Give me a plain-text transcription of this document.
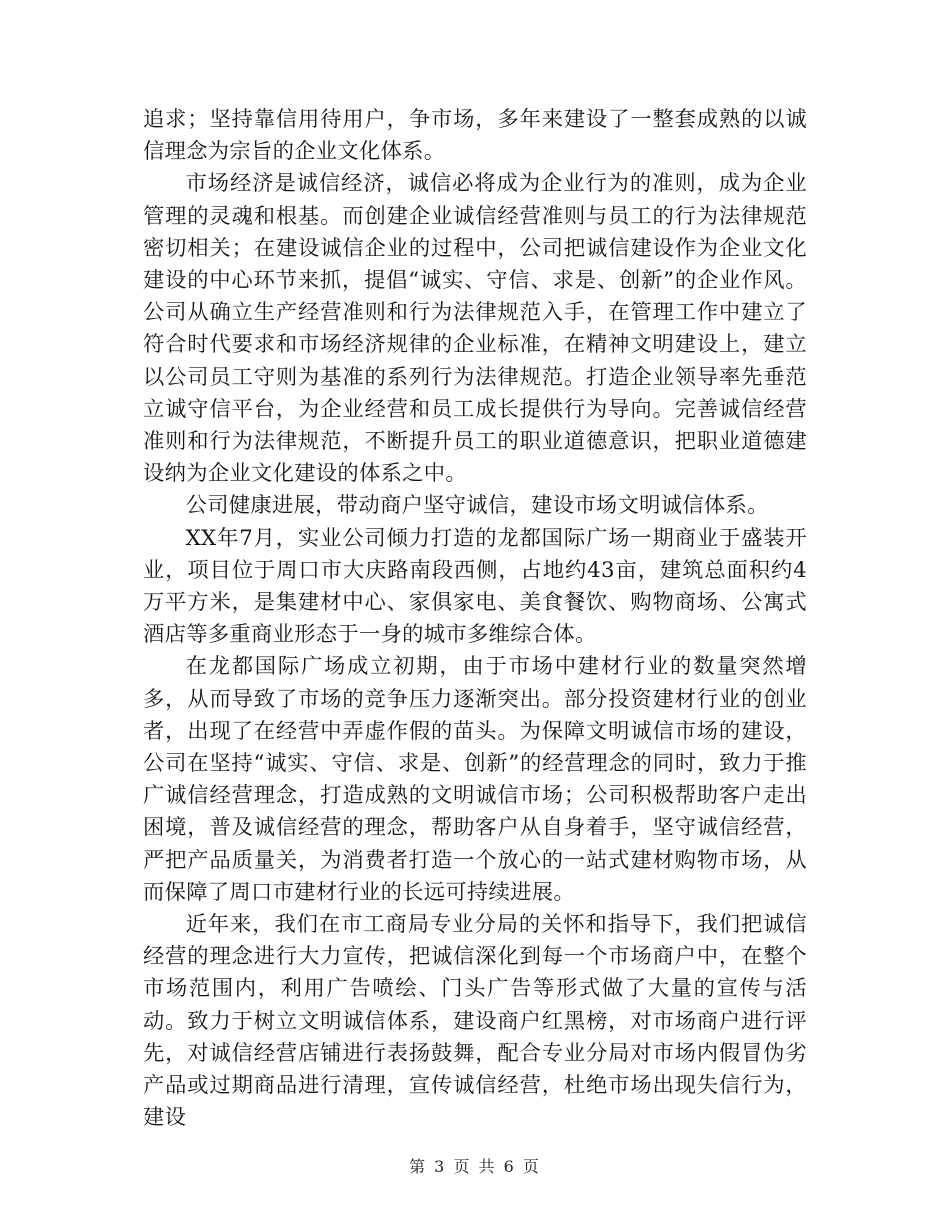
追求；坚持靠信用待用户，争市场，多年来建设了一整套成熟的以诚信理念为宗旨的企业文化体系。

市场经济是诚信经济，诚信必将成为企业行为的准则，成为企业管理的灵魂和根基。而创建企业诚信经营准则与员工的行为法律规范密切相关；在建设诚信企业的过程中，公司把诚信建设作为企业文化建设的中心环节来抓，提倡“诚实、守信、求是、创新”的企业作风。公司从确立生产经营准则和行为法律规范入手，在管理工作中建立了符合时代要求和市场经济规律的企业标准，在精神文明建设上，建立以公司员工守则为基准的系列行为法律规范。打造企业领导率先垂范立诚守信平台，为企业经营和员工成长提供行为导向。完善诚信经营准则和行为法律规范，不断提升员工的职业道德意识，把职业道德建设纳为企业文化建设的体系之中。

公司健康进展，带动商户坚守诚信，建设市场文明诚信体系。

XX年7月，实业公司倾力打造的龙都国际广场一期商业于盛装开业，项目位于周口市大庆路南段西侧，占地约43亩，建筑总面积约4万平方米，是集建材中心、家俱家电、美食餐饮、购物商场、公寓式酒店等多重商业形态于一身的城市多维综合体。

在龙都国际广场成立初期，由于市场中建材行业的数量突然增多，从而导致了市场的竞争压力逐渐突出。部分投资建材行业的创业者，出现了在经营中弄虚作假的苗头。为保障文明诚信市场的建设，公司在坚持“诚实、守信、求是、创新”的经营理念的同时，致力于推广诚信经营理念，打造成熟的文明诚信市场；公司积极帮助客户走出困境，普及诚信经营的理念，帮助客户从自身着手，坚守诚信经营，严把产品质量关，为消费者打造一个放心的一站式建材购物市场，从而保障了周口市建材行业的长远可持续进展。

近年来，我们在市工商局专业分局的关怀和指导下，我们把诚信经营的理念进行大力宣传，把诚信深化到每一个市场商户中，在整个市场范围内，利用广告喷绘、门头广告等形式做了大量的宣传与活动。致力于树立文明诚信体系，建设商户红黑榜，对市场商户进行评先，对诚信经营店铺进行表扬鼓舞，配合专业分局对市场内假冒伪劣产品或过期商品进行清理，宣传诚信经营，杜绝市场出现失信行为，建设

第 3 页 共 6 页
